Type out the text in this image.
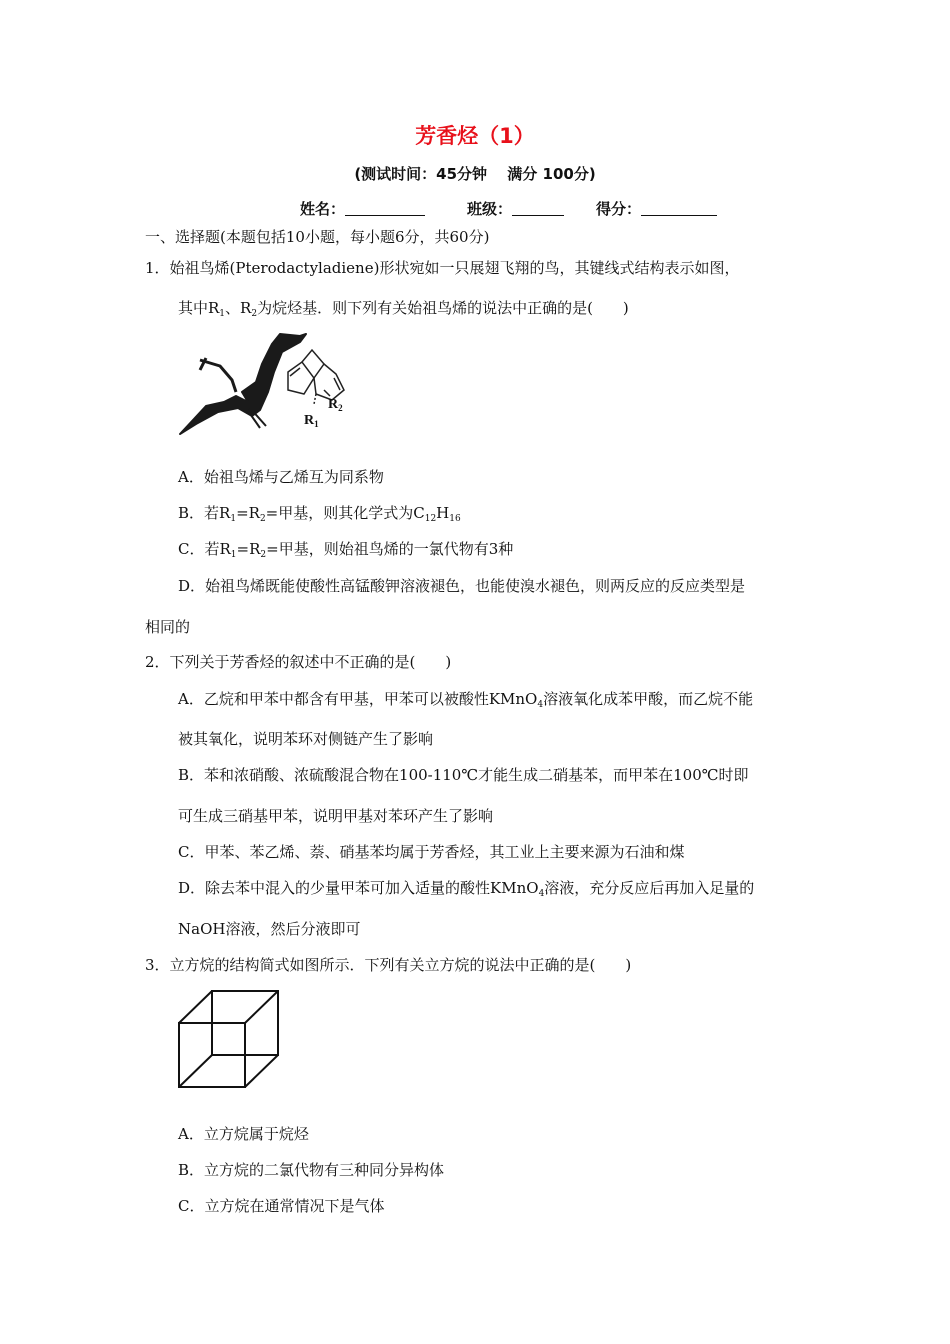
芳香烃（1）
(测试时间：45分钟　 满分 100分)
姓名：	班级：	得分：
一、选择题(本题包括10小题，每小题6分，共60分)
1．始祖鸟烯(Pterodactyladiene)形状宛如一只展翅飞翔的鸟，其键线式结构表示如图，
其中$R_1$、$R_2$为烷烃基．则下列有关始祖鸟烯的说法中正确的是(　　)
$R_1$
$R_2$
A．始祖鸟烯与乙烯互为同系物
B．若$R_1=R_2=$甲基，则其化学式为$C_{12}H_{16}$
C．若$R_1=R_2=$甲基，则始祖鸟烯的一氯代物有3种
D．始祖鸟烯既能使酸性高锰酸钾溶液褪色，也能使溴水褪色，则两反应的反应类型是
相同的
2．下列关于芳香烃的叙述中不正确的是(　　)
A．乙烷和甲苯中都含有甲基，甲苯可以被酸性KMnO$_4$溶液氧化成苯甲酸，而乙烷不能
被其氧化，说明苯环对侧链产生了影响
B．苯和浓硝酸、浓硫酸混合物在100-110℃才能生成二硝基苯，而甲苯在100℃时即
可生成三硝基甲苯，说明甲基对苯环产生了影响
C．甲苯、苯乙烯、萘、硝基苯均属于芳香烃，其工业上主要来源为石油和煤
D．除去苯中混入的少量甲苯可加入适量的酸性KMnO$_4$溶液，充分反应后再加入足量的
NaOH溶液，然后分液即可
3．立方烷的结构简式如图所示．下列有关立方烷的说法中正确的是(　　)
A．立方烷属于烷烃
B．立方烷的二氯代物有三种同分异构体
C．立方烷在通常情况下是气体
